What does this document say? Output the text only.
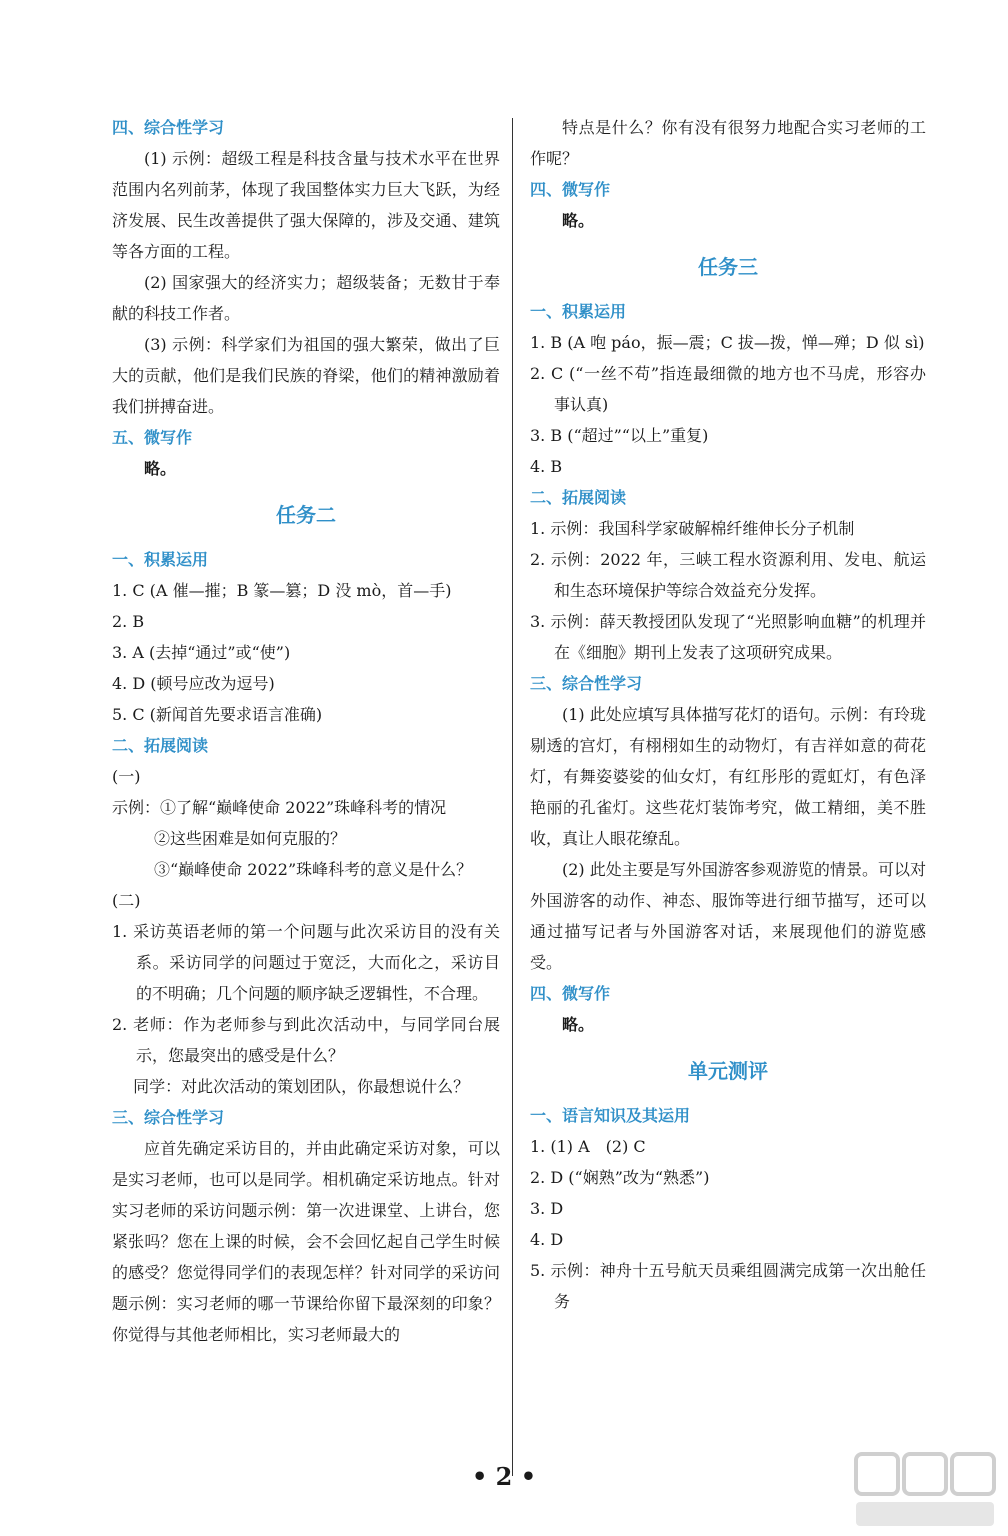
四、综合性学习
(1) 示例：超级工程是科技含量与技术水平在世界范围内名列前茅，体现了我国整体实力巨大飞跃，为经济发展、民生改善提供了强大保障的，涉及交通、建筑等各方面的工程。
(2) 国家强大的经济实力；超级装备；无数甘于奉献的科技工作者。
(3) 示例：科学家们为祖国的强大繁荣，做出了巨大的贡献，他们是我们民族的脊梁，他们的精神激励着我们拼搏奋进。
五、微写作
略。
任务二
一、积累运用
1. C (A 催—摧；B 篆—篡；D 没 mò，首—手)
2. B
3. A (去掉“通过”或“使”)
4. D (顿号应改为逗号)
5. C (新闻首先要求语言准确)
二、拓展阅读
(一)
示例：①了解“巅峰使命 2022”珠峰科考的情况
②这些困难是如何克服的？
③“巅峰使命 2022”珠峰科考的意义是什么？
(二)
1. 采访英语老师的第一个问题与此次采访目的没有关系。采访同学的问题过于宽泛，大而化之，采访目的不明确；几个问题的顺序缺乏逻辑性，不合理。
2. 老师：作为老师参与到此次活动中，与同学同台展示，您最突出的感受是什么？
　 同学：对此次活动的策划团队，你最想说什么？
三、综合性学习
应首先确定采访目的，并由此确定采访对象，可以是实习老师，也可以是同学。相机确定采访地点。针对实习老师的采访问题示例：第一次进课堂、上讲台，您紧张吗？您在上课的时候，会不会回忆起自己学生时候的感受？您觉得同学们的表现怎样？针对同学的采访问题示例：实习老师的哪一节课给你留下最深刻的印象？你觉得与其他老师相比，实习老师最大的
特点是什么？你有没有很努力地配合实习老师的工作呢？
四、微写作
略。
任务三
一、积累运用
1. B (A 咆 páo，振—震；C 拔—拨，惮—殚；D 似 sì)
2. C (“一丝不苟”指连最细微的地方也不马虎，形容办事认真)
3. B (“超过”“以上”重复)
4. B
二、拓展阅读
1. 示例：我国科学家破解棉纤维伸长分子机制
2. 示例：2022 年，三峡工程水资源利用、发电、航运和生态环境保护等综合效益充分发挥。
3. 示例：薛天教授团队发现了“光照影响血糖”的机理并在《细胞》期刊上发表了这项研究成果。
三、综合性学习
(1) 此处应填写具体描写花灯的语句。示例：有玲珑剔透的宫灯，有栩栩如生的动物灯，有吉祥如意的荷花灯，有舞姿婆娑的仙女灯，有红彤彤的霓虹灯，有色泽艳丽的孔雀灯。这些花灯装饰考究，做工精细，美不胜收，真让人眼花缭乱。
(2) 此处主要是写外国游客参观游览的情景。可以对外国游客的动作、神态、服饰等进行细节描写，还可以通过描写记者与外国游客对话，来展现他们的游览感受。
四、微写作
略。
单元测评
一、语言知识及其运用
1. (1) A　(2) C
2. D (“娴熟”改为“熟悉”)
3. D
4. D
5. 示例：神舟十五号航天员乘组圆满完成第一次出舱任务
• 2 •
